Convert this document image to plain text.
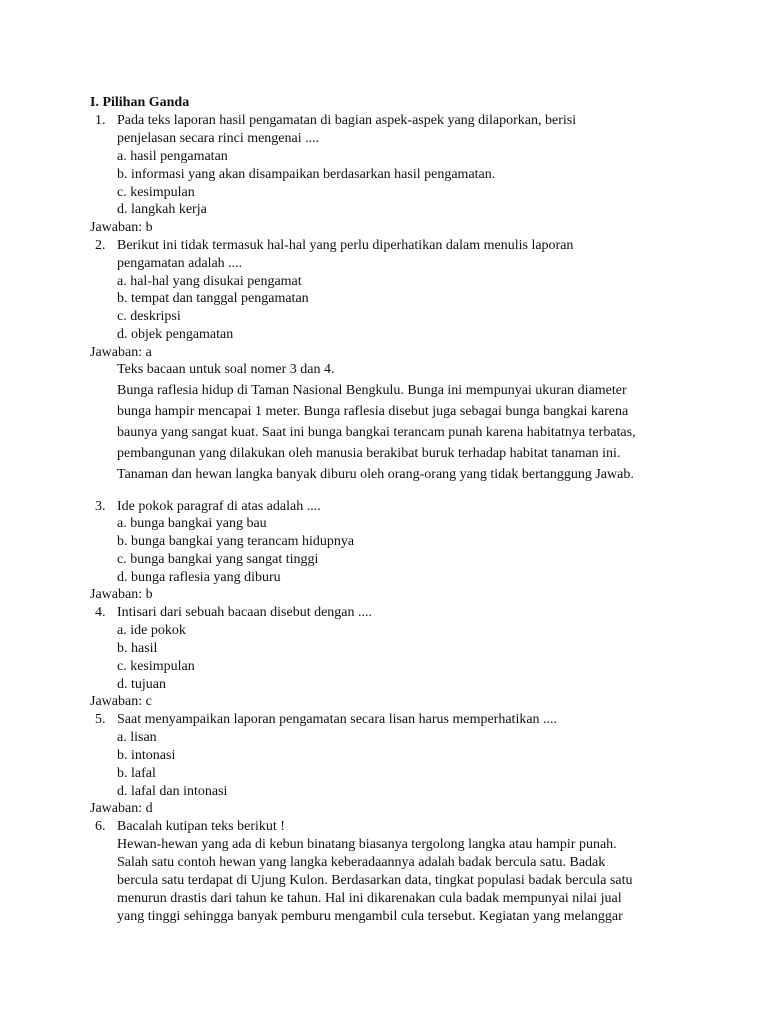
I. Pilihan Ganda
1. Pada teks laporan hasil pengamatan di bagian aspek-aspek yang dilaporkan, berisi
penjelasan secara rinci mengenai ....
a. hasil pengamatan
b. informasi yang akan disampaikan berdasarkan hasil pengamatan.
c. kesimpulan
d. langkah kerja
Jawaban: b
2. Berikut ini tidak termasuk hal-hal yang perlu diperhatikan dalam menulis laporan
pengamatan adalah ....
a. hal-hal yang disukai pengamat
b. tempat dan tanggal pengamatan
c. deskripsi
d. objek pengamatan
Jawaban: a
Teks bacaan untuk soal nomer 3 dan 4.
Bunga raflesia hidup di Taman Nasional Bengkulu. Bunga ini mempunyai ukuran diameter
bunga hampir mencapai 1 meter. Bunga raflesia disebut juga sebagai bunga bangkai karena
baunya yang sangat kuat. Saat ini bunga bangkai terancam punah karena habitatnya terbatas,
pembangunan yang dilakukan oleh manusia berakibat buruk terhadap habitat tanaman ini.
Tanaman dan hewan langka banyak diburu oleh orang-orang yang tidak bertanggung Jawab.
3. Ide pokok paragraf di atas adalah ....
a. bunga bangkai yang bau
b. bunga bangkai yang terancam hidupnya
c. bunga bangkai yang sangat tinggi
d. bunga raflesia yang diburu
Jawaban: b
4. Intisari dari sebuah bacaan disebut dengan ....
a. ide pokok
b. hasil
c. kesimpulan
d. tujuan
Jawaban: c
5. Saat menyampaikan laporan pengamatan secara lisan harus memperhatikan ....
a. lisan
b. intonasi
b. lafal
d. lafal dan intonasi
Jawaban: d
6. Bacalah kutipan teks berikut !
Hewan-hewan yang ada di kebun binatang biasanya tergolong langka atau hampir punah.
Salah satu contoh hewan yang langka keberadaannya adalah badak bercula satu. Badak
bercula satu terdapat di Ujung Kulon. Berdasarkan data, tingkat populasi badak bercula satu
menurun drastis dari tahun ke tahun. Hal ini dikarenakan cula badak mempunyai nilai jual
yang tinggi sehingga banyak pemburu mengambil cula tersebut. Kegiatan yang melanggar
